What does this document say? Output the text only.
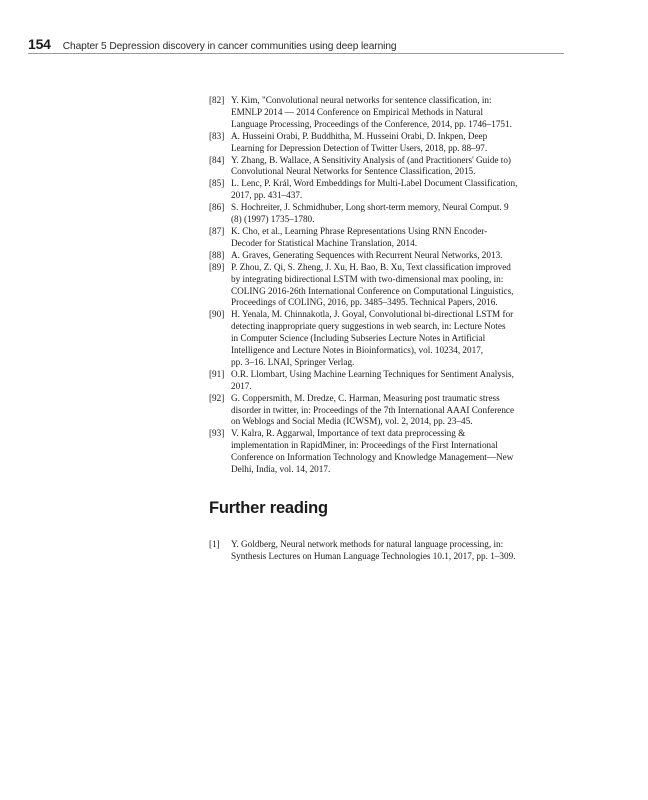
154 Chapter 5 Depression discovery in cancer communities using deep learning
[82] Y. Kim, "Convolutional neural networks for sentence classification, in:
EMNLP 2014 — 2014 Conference on Empirical Methods in Natural
Language Processing, Proceedings of the Conference, 2014, pp. 1746–1751.
[83] A. Husseini Orabi, P. Buddhitha, M. Husseini Orabi, D. Inkpen, Deep
Learning for Depression Detection of Twitter Users, 2018, pp. 88–97.
[84] Y. Zhang, B. Wallace, A Sensitivity Analysis of (and Practitioners' Guide to)
Convolutional Neural Networks for Sentence Classification, 2015.
[85] L. Lenc, P. Král, Word Embeddings for Multi-Label Document Classification,
2017, pp. 431–437.
[86] S. Hochreiter, J. Schmidhuber, Long short-term memory, Neural Comput. 9
(8) (1997) 1735–1780.
[87] K. Cho, et al., Learning Phrase Representations Using RNN Encoder-
Decoder for Statistical Machine Translation, 2014.
[88] A. Graves, Generating Sequences with Recurrent Neural Networks, 2013.
[89] P. Zhou, Z. Qi, S. Zheng, J. Xu, H. Bao, B. Xu, Text classification improved
by integrating bidirectional LSTM with two-dimensional max pooling, in:
COLING 2016-26th International Conference on Computational Linguistics,
Proceedings of COLING, 2016, pp. 3485–3495. Technical Papers, 2016.
[90] H. Yenala, M. Chinnakotla, J. Goyal, Convolutional bi-directional LSTM for
detecting inappropriate query suggestions in web search, in: Lecture Notes
in Computer Science (Including Subseries Lecture Notes in Artificial
Intelligence and Lecture Notes in Bioinformatics), vol. 10234, 2017,
pp. 3–16. LNAI, Springer Verlag.
[91] O.R. Llombart, Using Machine Learning Techniques for Sentiment Analysis,
2017.
[92] G. Coppersmith, M. Dredze, C. Harman, Measuring post traumatic stress
disorder in twitter, in: Proceedings of the 7th International AAAI Conference
on Weblogs and Social Media (ICWSM), vol. 2, 2014, pp. 23–45.
[93] V. Kalra, R. Aggarwal, Importance of text data preprocessing &
implementation in RapidMiner, in: Proceedings of the First International
Conference on Information Technology and Knowledge Management—New
Delhi, India, vol. 14, 2017.
Further reading
[1]	Y. Goldberg, Neural network methods for natural language processing, in:
Synthesis Lectures on Human Language Technologies 10.1, 2017, pp. 1–309.
